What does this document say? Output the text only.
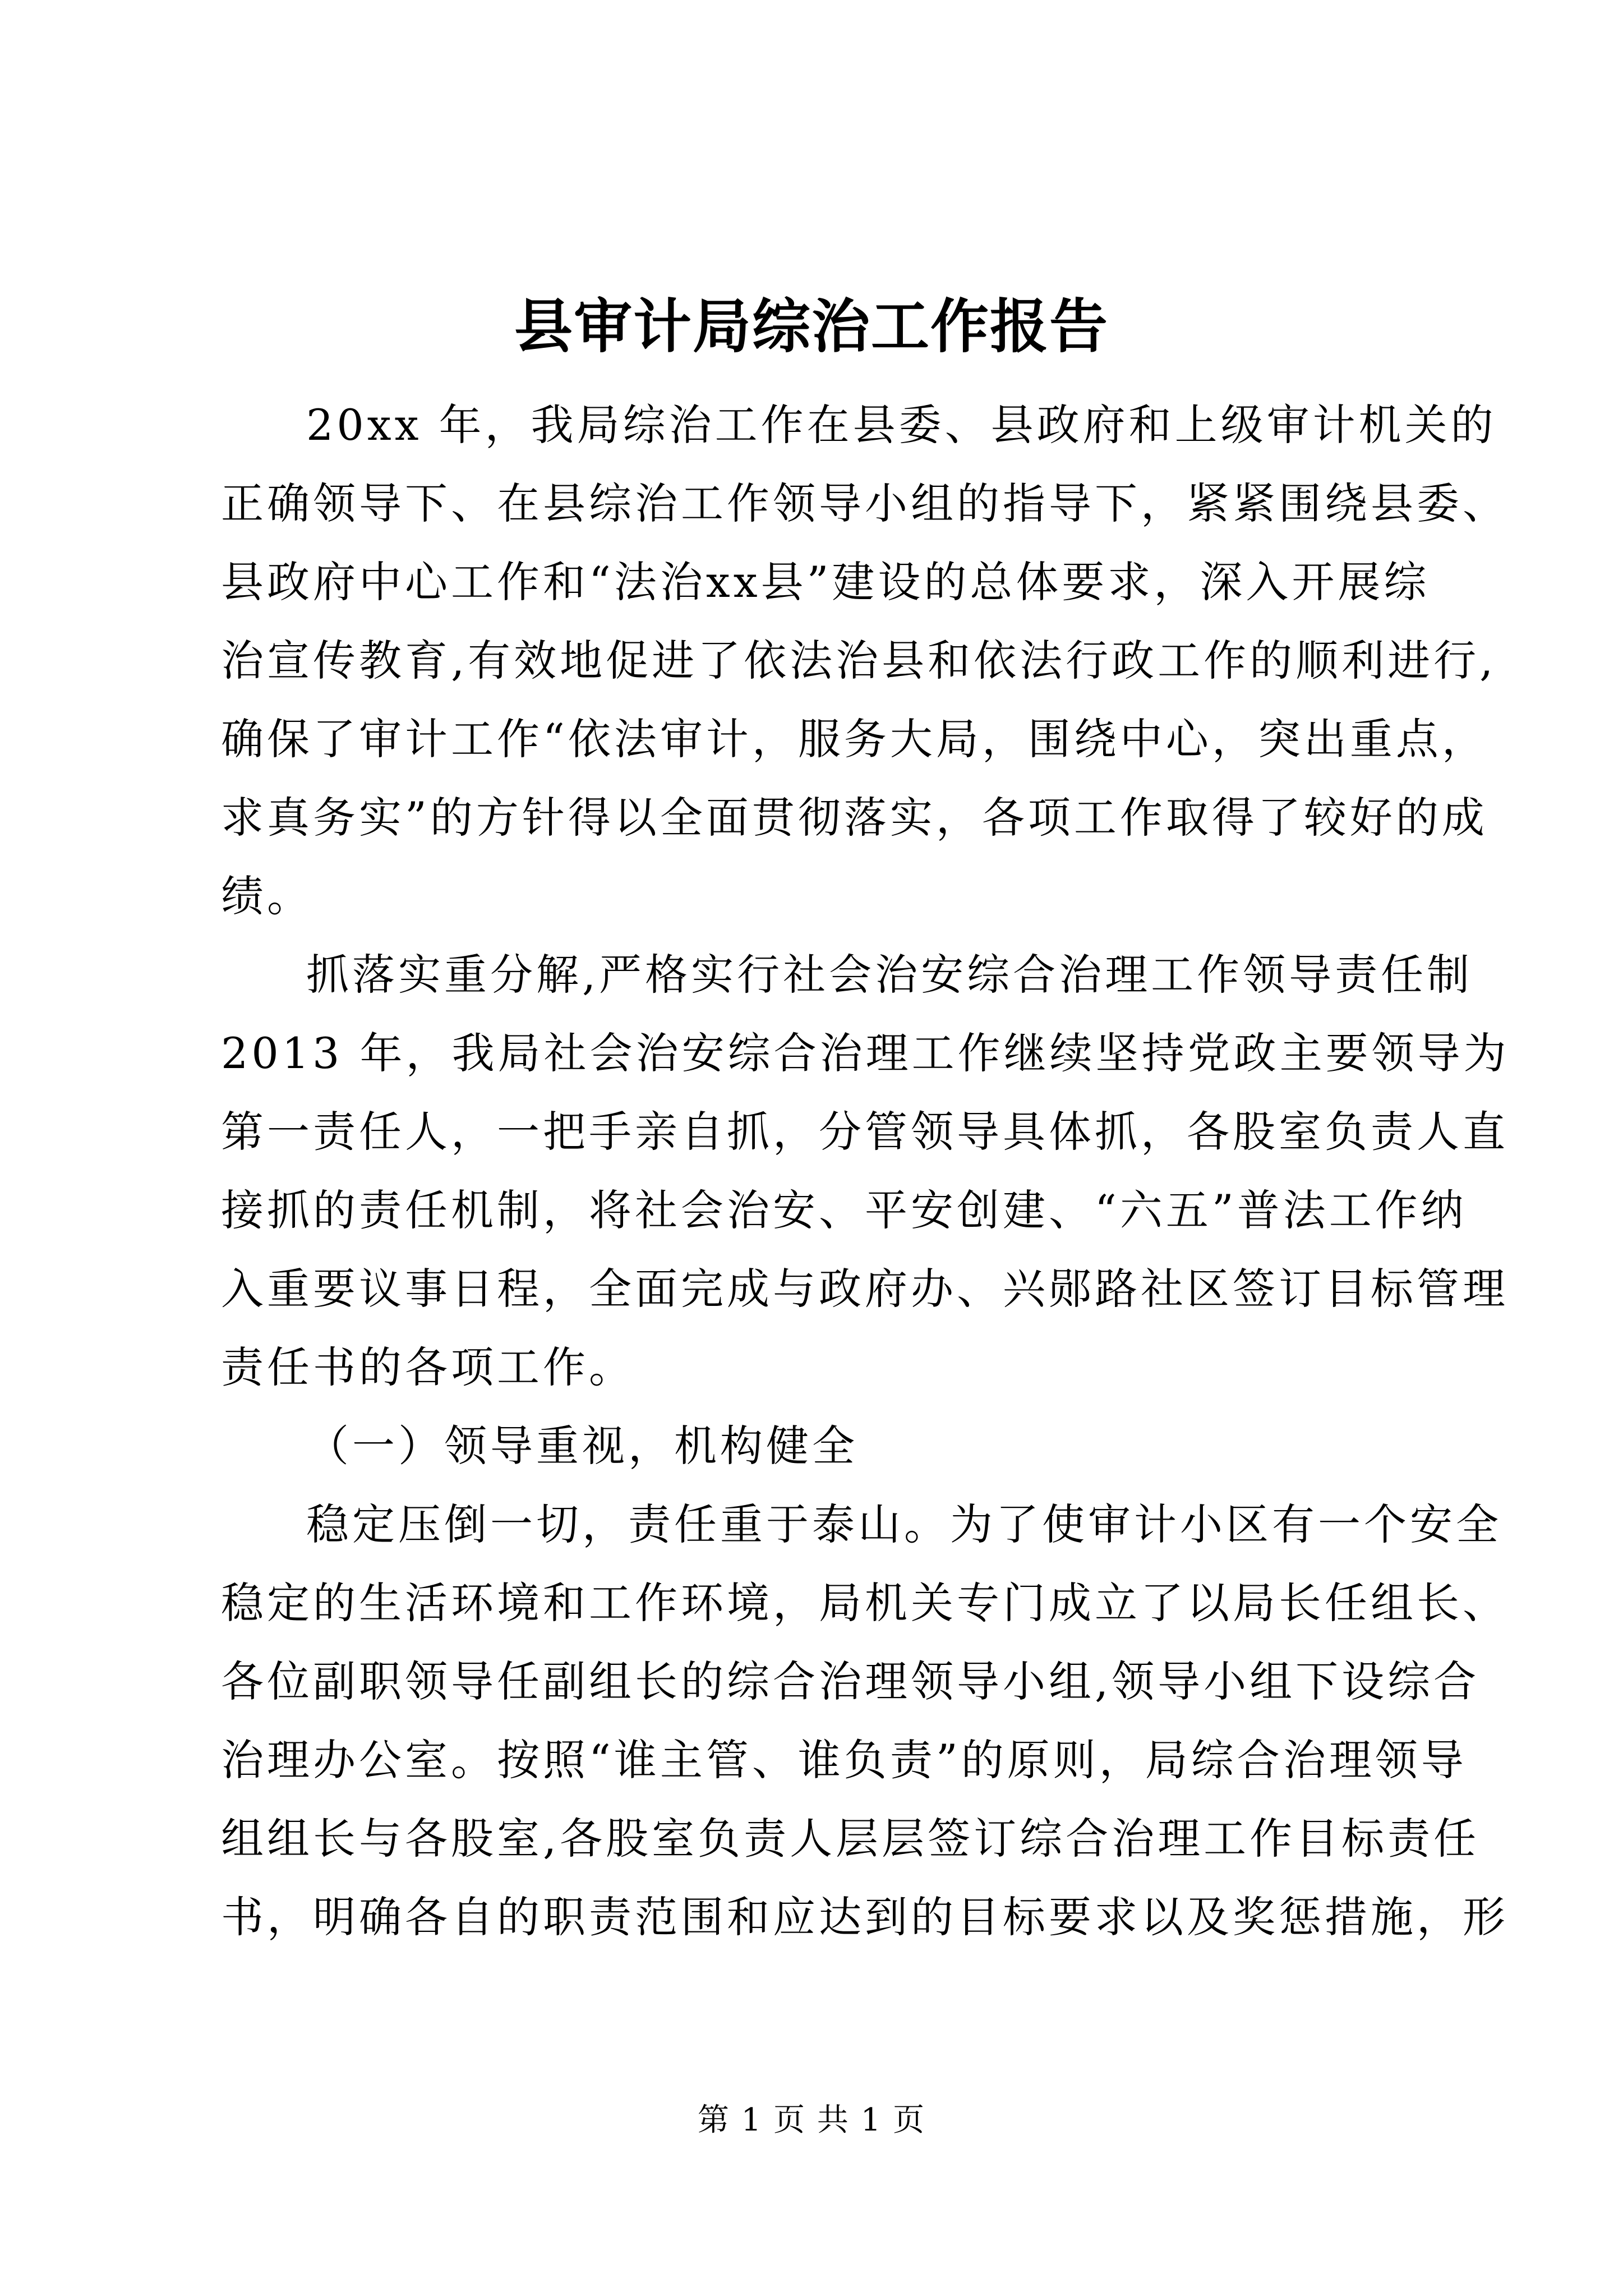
县审计局综治工作报告
20xx 年，我局综治工作在县委、县政府和上级审计机关的
正确领导下、在县综治工作领导小组的指导下，紧紧围绕县委、
县政府中心工作和“法治xx县”建设的总体要求，深入开展综
治宣传教育,有效地促进了依法治县和依法行政工作的顺利进行,
确保了审计工作“依法审计，服务大局，围绕中心，突出重点，
求真务实”的方针得以全面贯彻落实，各项工作取得了较好的成
绩。
抓落实重分解,严格实行社会治安综合治理工作领导责任制
2013 年，我局社会治安综合治理工作继续坚持党政主要领导为
第一责任人，一把手亲自抓，分管领导具体抓，各股室负责人直
接抓的责任机制，将社会治安、平安创建、“六五”普法工作纳
入重要议事日程，全面完成与政府办、兴郧路社区签订目标管理
责任书的各项工作。
（一）领导重视，机构健全
稳定压倒一切，责任重于泰山。为了使审计小区有一个安全
稳定的生活环境和工作环境，局机关专门成立了以局长任组长、
各位副职领导任副组长的综合治理领导小组,领导小组下设综合
治理办公室。按照“谁主管、谁负责”的原则，局综合治理领导
组组长与各股室,各股室负责人层层签订综合治理工作目标责任
书，明确各自的职责范围和应达到的目标要求以及奖惩措施，形
第 1 页 共 1 页
